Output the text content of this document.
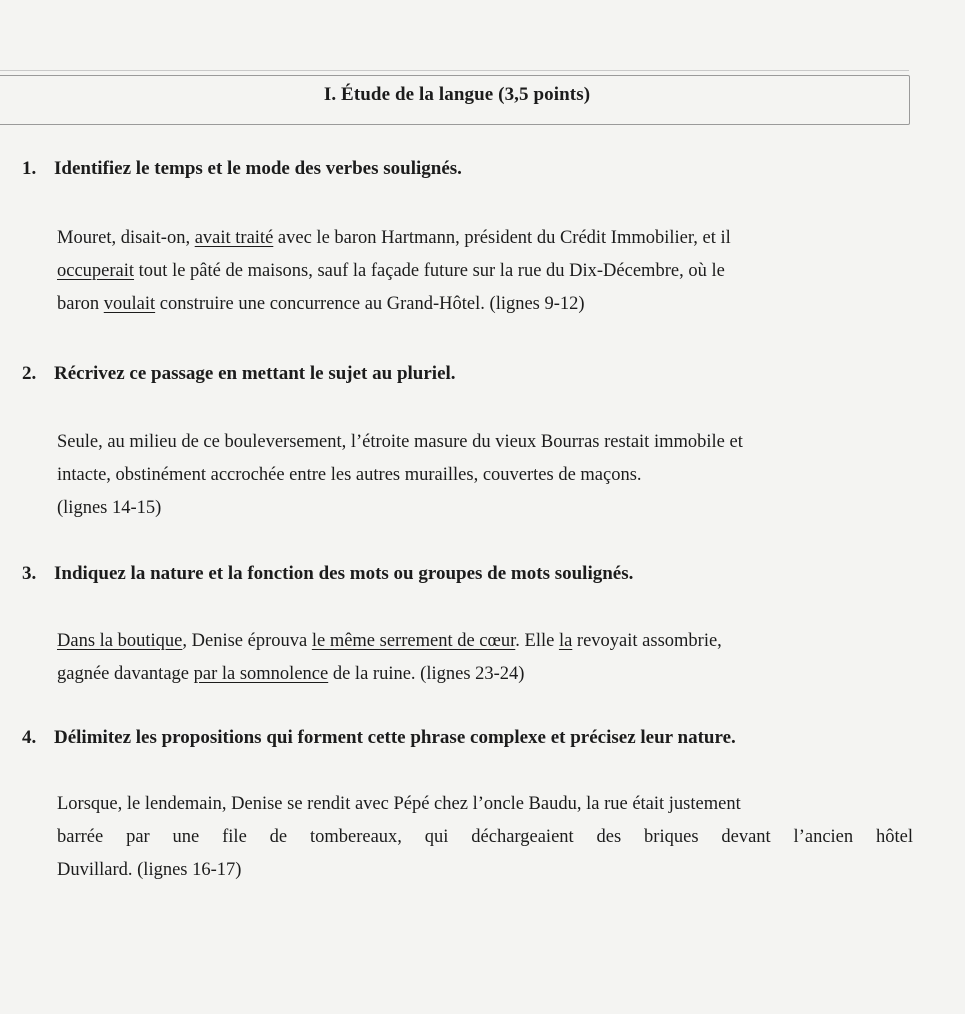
I. Étude de la langue (3,5 points)
1. Identifiez le temps et le mode des verbes soulignés.
Mouret, disait-on, avait traité avec le baron Hartmann, président du Crédit Immobilier, et il
occuperait tout le pâté de maisons, sauf la façade future sur la rue du Dix-Décembre, où le
baron voulait construire une concurrence au Grand-Hôtel. (lignes 9-12)
2. Récrivez ce passage en mettant le sujet au pluriel.
Seule, au milieu de ce bouleversement, l’étroite masure du vieux Bourras restait immobile et
intacte, obstinément accrochée entre les autres murailles, couvertes de maçons.
(lignes 14-15)
3. Indiquez la nature et la fonction des mots ou groupes de mots soulignés.
Dans la boutique, Denise éprouva le même serrement de cœur. Elle la revoyait assombrie,
gagnée davantage par la somnolence de la ruine. (lignes 23-24)
4. Délimitez les propositions qui forment cette phrase complexe et précisez leur nature.
Lorsque, le lendemain, Denise se rendit avec Pépé chez l’oncle Baudu, la rue était justement
barrée par une file de tombereaux, qui déchargeaient des briques devant l’ancien hôtel
Duvillard. (lignes 16-17)
